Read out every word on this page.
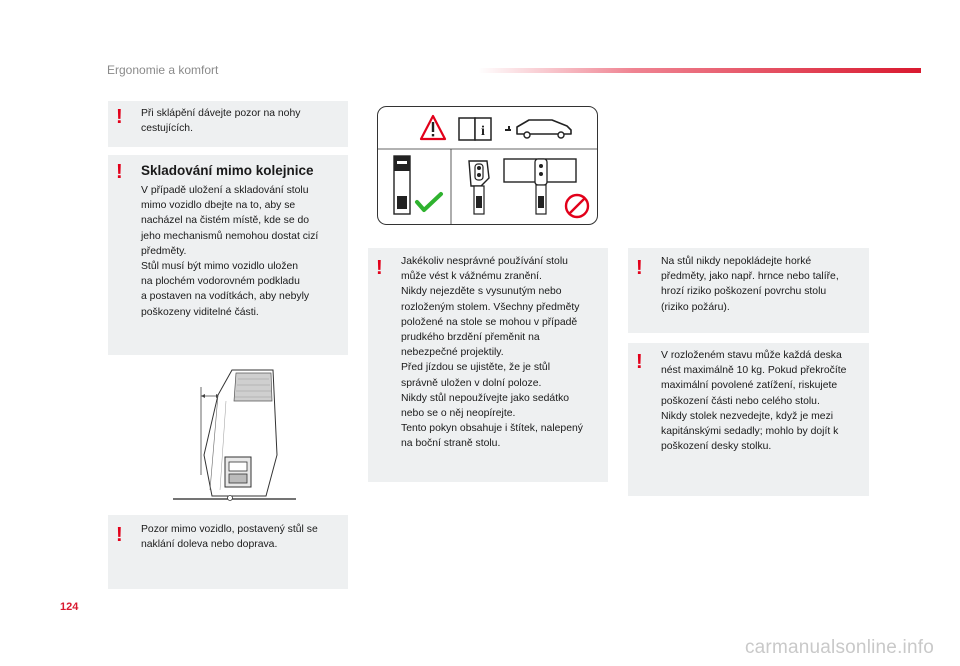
Ergonomie a komfort
! Při sklápění dávejte pozor na nohy
cestujících.
! Skladování mimo kolejnice
V případě uložení a skladování stolu
mimo vozidlo dbejte na to, aby se
nacházel na čistém místě, kde se do
jeho mechanismů nemohou dostat cizí
předměty.
Stůl musí být mimo vozidlo uložen
na plochém vodorovném podkladu
a postaven na vodítkách, aby nebyly
poškozeny viditelné části.
! Pozor mimo vozidlo, postavený stůl se
naklání doleva nebo doprava.
i
! Jakékoliv nesprávné používání stolu
může vést k vážnému zranění.
Nikdy nejezděte s vysunutým nebo
rozloženým stolem. Všechny předměty
položené na stole se mohou v případě
prudkého brzdění přeměnit na
nebezpečné projektily.
Před jízdou se ujistěte, že je stůl
správně uložen v dolní poloze.
Nikdy stůl nepoužívejte jako sedátko
nebo se o něj neopírejte.
Tento pokyn obsahuje i štítek, nalepený
na boční straně stolu.
! Na stůl nikdy nepokládejte horké
předměty, jako např. hrnce nebo talíře,
hrozí riziko poškození povrchu stolu
(riziko požáru).
! V rozloženém stavu může každá deska
nést maximálně 10 kg. Pokud překročíte
maximální povolené zatížení, riskujete
poškození části nebo celého stolu.
Nikdy stolek nezvedejte, když je mezi
kapitánskými sedadly; mohlo by dojít k
poškození desky stolku.
124
carmanualsonline.info
